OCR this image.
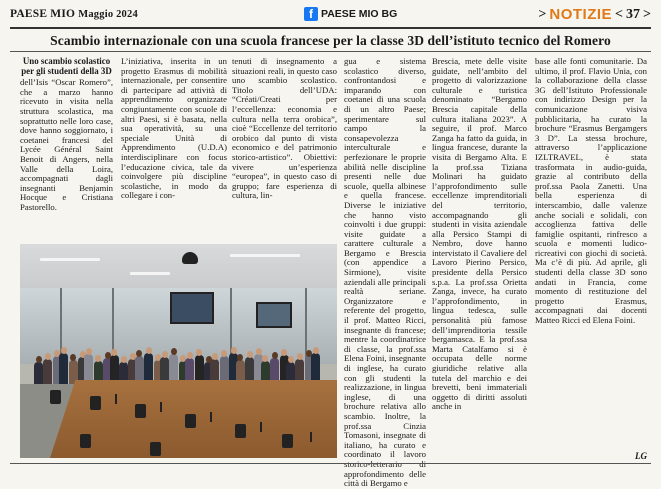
PAESE MIO Maggio 2024	f PAESE MIO BG	> NOTIZIE < 37 >
Scambio internazionale con una scuola francese per la classe 3D dell’istituto tecnico del Romero
Uno scambio scolastico per gli studenti della 3D

dell’Isis “Oscar Romero”, che a marzo hanno ricevuto in visita nella struttura scolastica, ma soprattutto nelle loro case, dove hanno soggiornato, i coetanei francesi del Lycée Général Saint Benoit di Angers, nella Valle della Loira, accompagnati dagli insegnanti Benjamin Hocque e Cristiana Pastorello.

L’iniziativa, inserita in un progetto Erasmus di mobilità internazionale, per consentire di partecipare ad attività di apprendimento organizzate congiuntamente con scuole di altri Paesi, si è basata, nella sua operatività, su una speciale Unità di Apprendimento (U.D.A) interdisciplinare con focus l’educazione civica, tale da coinvolgere più discipline scolastiche, in modo da collegare i con-

tenuti di insegnamento a situazioni reali, in questo caso uno scambio scolastico. Titolo dell’UDA: “Créati/Creati per l’eccellenza: economia e cultura nella terra orobica”, cioè “Eccellenze del territorio orobico dal punto di vista economico e del patrimonio storico-artistico”. Obiettivi: vivere un’esperienza “europea”, in questo caso di gruppo; fare esperienza di cultura, lin-

gua e sistema scolastico diverso, confrontandosi e imparando con coetanei di una scuola di un altro Paese; sperimentare sul campo la consapevolezza interculturale e perfezionare le proprie abilità nelle discipline presenti nelle due scuole, quella albinese e quella francese. Diverse le iniziative che hanno visto coinvolti i due gruppi: visite guidate a carattere culturale a Bergamo e Brescia (con appendice a Sirmione), visite aziendali alle principali realtà seriane. Organizzatore e referente del progetto, il prof. Matteo Ricci, insegnante di francese; mentre la coordinatrice di classe, la prof.ssa Elena Foini, insegnante di inglese, ha curato con gli studenti la realizzazione, in lingua inglese, di una brochure relativa allo scambio. Inoltre, la prof.ssa Cinzia Tomasoni, insegnate di italiano, ha curato e coordinato il lavoro approfondimento delle città di Bergamo e

Brescia, mete delle visite guidate, nell’ambito del progetto di valorizzazione culturale e turistica denominato “Bergamo Brescia capitale della cultura italiana 2023”. A seguire, il prof. Marco Zanga ha fatto da guida, in lingua francese, durante la visita di Bergamo Alta. E la prof.ssa Tiziana Molinari ha guidato l’approfondimento sulle eccellenze imprenditoriali del territorio, accompagnando gli studenti in visita aziendale alla Persico Stampi di Nembro, dove hanno intervistato il Cavaliere del Lavoro Pierino Persico, presidente della Persico s.p.a. La prof.ssa Orietta Zanga, invece, ha curato l’approfondimento, in lingua tedesca, sulle personalità più famose dell’imprenditoria tessile bergamasca. E la prof.ssa Marta Catalfamo si è occupata delle norme giuridiche relative alla tutela del marchio e dei brevetti, beni immateriali oggetto di diritti assoluti anche in

base alle fonti comunitarie. Da ultimo, il prof. Flavio Unia, con la collaborazione della classe 3G dell’Istituto Professionale con indirizzo Design per la comunicazione visiva pubblicitaria, ha curato la brochure “Erasmus Bergamgers 3 D”. La stessa brochure, attraverso l’applicazione IZLTRAVEL, è stata trasformata in audio-guida, grazie al contributo della prof.ssa Paola Zanetti. Una bella esperienza di interscambio, dalle valenze anche sociali e solidali, con accoglienza fattiva delle famiglie ospitanti, rinfresco a scuola e momenti ludico-ricreativi con giochi di società. Ma c’è di più. Ad aprile, gli studenti della classe 3D sono andati in Francia, come momento di restituzione del progetto Erasmus, accompagnati dai docenti Matteo Ricci ed Elena Foini.

LG
